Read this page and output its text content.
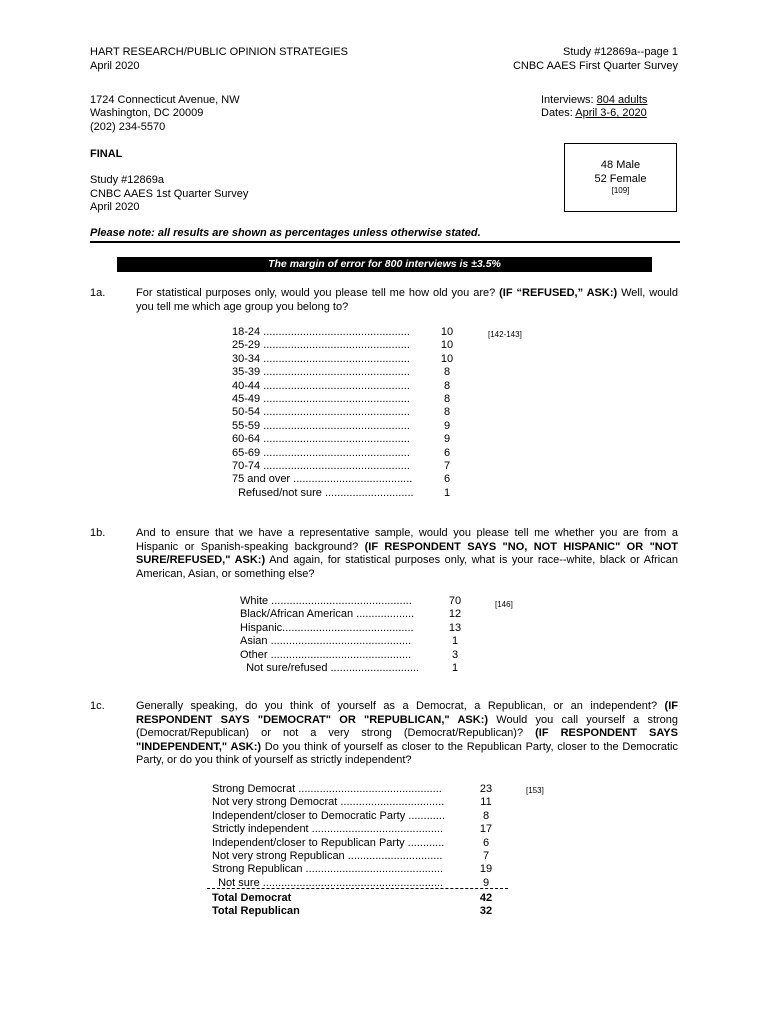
HART RESEARCH/PUBLIC OPINION STRATEGIES
April 2020
Study #12869a--page 1
CNBC AAES First Quarter Survey
1724 Connecticut Avenue, NW
Washington, DC 20009
(202) 234-5570
Interviews: 804 adults
Dates: April 3-6, 2020
FINAL
Study #12869a
CNBC AAES 1st Quarter Survey
April 2020
48 Male
52 Female
[109]
Please note: all results are shown as percentages unless otherwise stated.
The margin of error for 800 interviews is ±3.5%
1a.	For statistical purposes only, would you please tell me how old you are? (IF “REFUSED,” ASK:) Well, would you tell me which age group you belong to?
[142-143]
18-24 ................................................	10
25-29 ................................................	10
30-34 ................................................	10
35-39 ................................................	8
40-44 ................................................	8
45-49 ................................................	8
50-54 ................................................	8
55-59 ................................................	9
60-64 ................................................	9
65-69 ................................................	6
70-74 ................................................	7
75 and over .......................................	6
Refused/not sure .............................	1
1b.	And to ensure that we have a representative sample, would you please tell me whether you are from a Hispanic or Spanish-speaking background? (IF RESPONDENT SAYS "NO, NOT HISPANIC" OR "NOT SURE/REFUSED," ASK:) And again, for statistical purposes only, what is your race--white, black or African American, Asian, or something else?
[146]
White ..............................................	70
Black/African American ...................	12
Hispanic...........................................	13
Asian ..............................................	1
Other ..............................................	3
Not sure/refused .............................	1
1c.	Generally speaking, do you think of yourself as a Democrat, a Republican, or an independent? (IF RESPONDENT SAYS "DEMOCRAT" OR "REPUBLICAN," ASK:) Would you call yourself a strong (Democrat/Republican) or not a very strong (Democrat/Republican)? (IF RESPONDENT SAYS "INDEPENDENT," ASK:) Do you think of yourself as closer to the Republican Party, closer to the Democratic Party, or do you think of yourself as strictly independent?
[153]
Strong Democrat ...............................................	23
Not very strong Democrat ..................................	11
Independent/closer to Democratic Party ............	8
Strictly independent ...........................................	17
Independent/closer to Republican Party ............	6
Not very strong Republican ...............................	7
Strong Republican .............................................	19
Not sure ...........................................................	9
Total Democrat	42
Total Republican	32
